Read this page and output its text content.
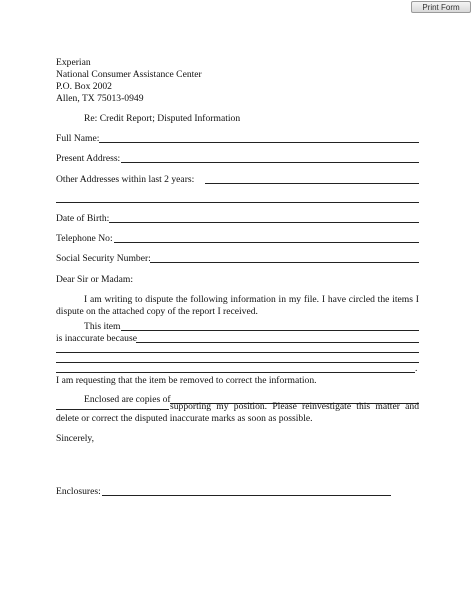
Print Form
Experian
National Consumer Assistance Center
P.O. Box 2002
Allen, TX 75013-0949
Re: Credit Report; Disputed Information
Full Name:
Present Address:
Other Addresses within last 2 years:
Date of Birth:
Telephone No:
Social Security Number:
Dear Sir or Madam:
I am writing to dispute the following information in my file. I have circled the items I dispute on the attached copy of the report I received.
This item
is inaccurate because
.
I am requesting that the item be removed to correct the information.
Enclosed are copies of
supporting my position. Please reinvestigate this matter and delete or correct the disputed inaccurate marks as soon as possible.
Sincerely,
Enclosures:
